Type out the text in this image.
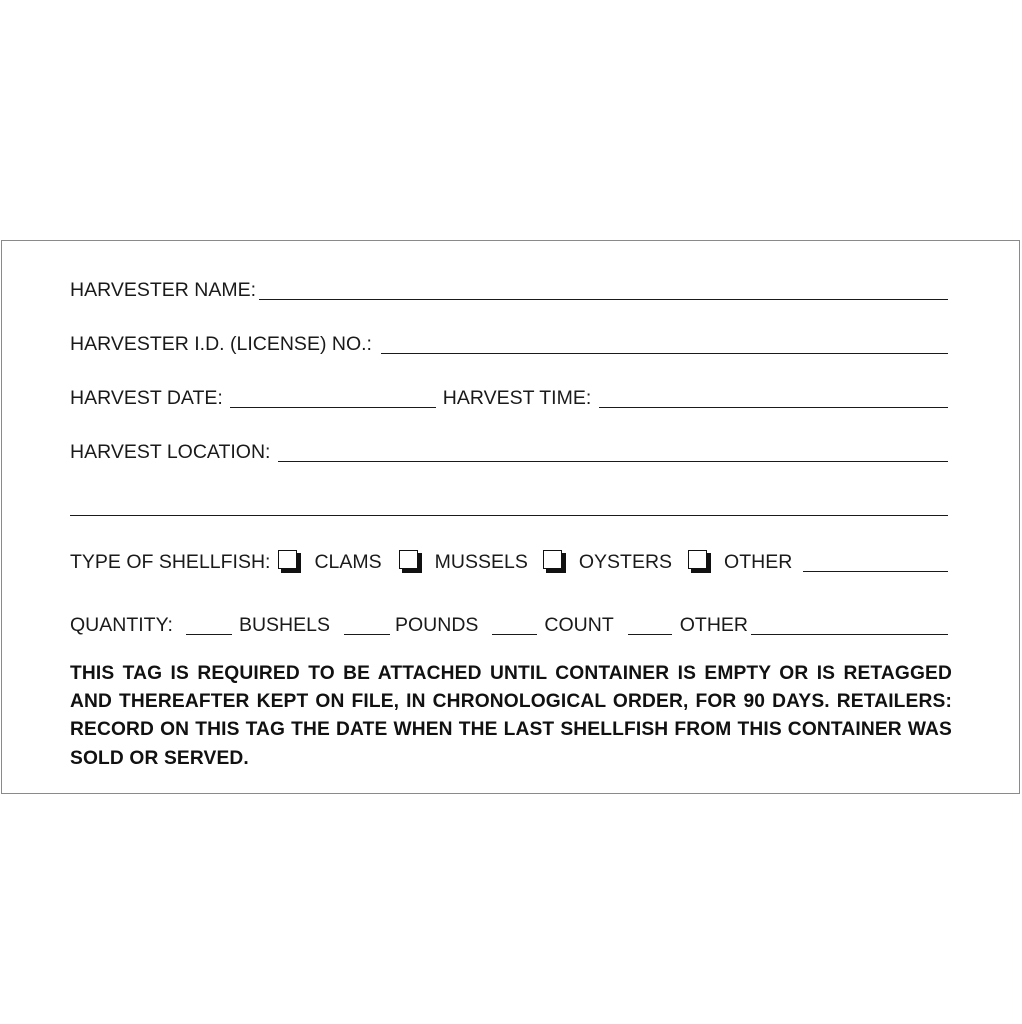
HARVESTER NAME:
HARVESTER I.D. (LICENSE) NO.:
HARVEST DATE:	HARVEST TIME:
HARVEST LOCATION:
TYPE OF SHELLFISH: CLAMS	MUSSELS	OYSTERS	OTHER
QUANTITY:	BUSHELS	POUNDS	COUNT	OTHER
THIS TAG IS REQUIRED TO BE ATTACHED UNTIL CONTAINER IS EMPTY OR IS RETAGGED AND THEREAFTER KEPT ON FILE, IN CHRONOLOGICAL ORDER, FOR 90 DAYS. RETAILERS: RECORD ON THIS TAG THE DATE WHEN THE LAST SHELLFISH FROM THIS CONTAINER WAS SOLD OR SERVED.
